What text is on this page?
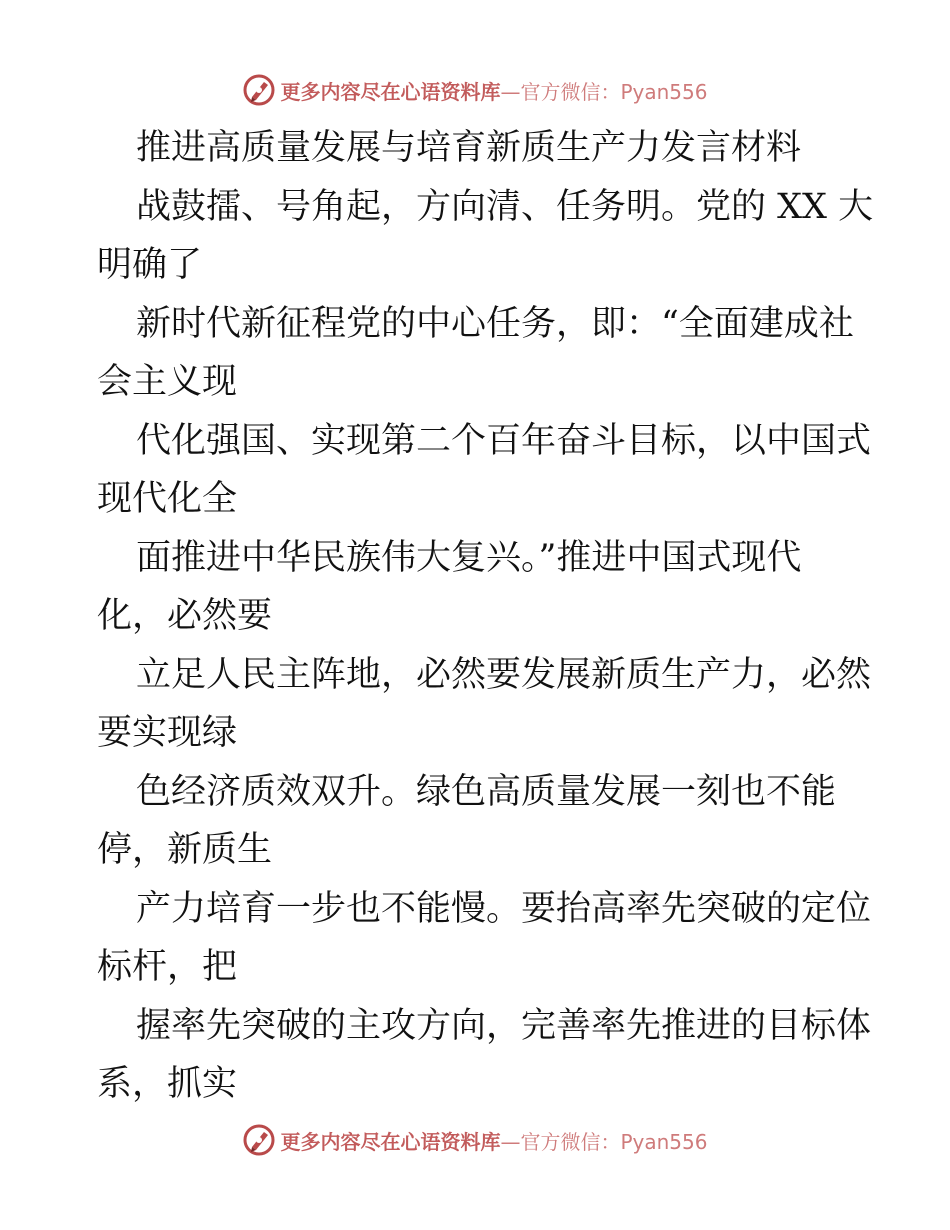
更多内容尽在心语资料库—官方微信：Pyan556
推进高质量发展与培育新质生产力发言材料
战鼓擂、号角起，方向清、任务明。党的 XX 大
明确了
新时代新征程党的中心任务，即：“全面建成社
会主义现
代化强国、实现第二个百年奋斗目标，以中国式
现代化全
面推进中华民族伟大复兴。”推进中国式现代
化，必然要
立足人民主阵地，必然要发展新质生产力，必然
要实现绿
色经济质效双升。绿色高质量发展一刻也不能
停，新质生
产力培育一步也不能慢。要抬高率先突破的定位
标杆，把
握率先突破的主攻方向，完善率先推进的目标体
系，抓实
更多内容尽在心语资料库—官方微信：Pyan556
